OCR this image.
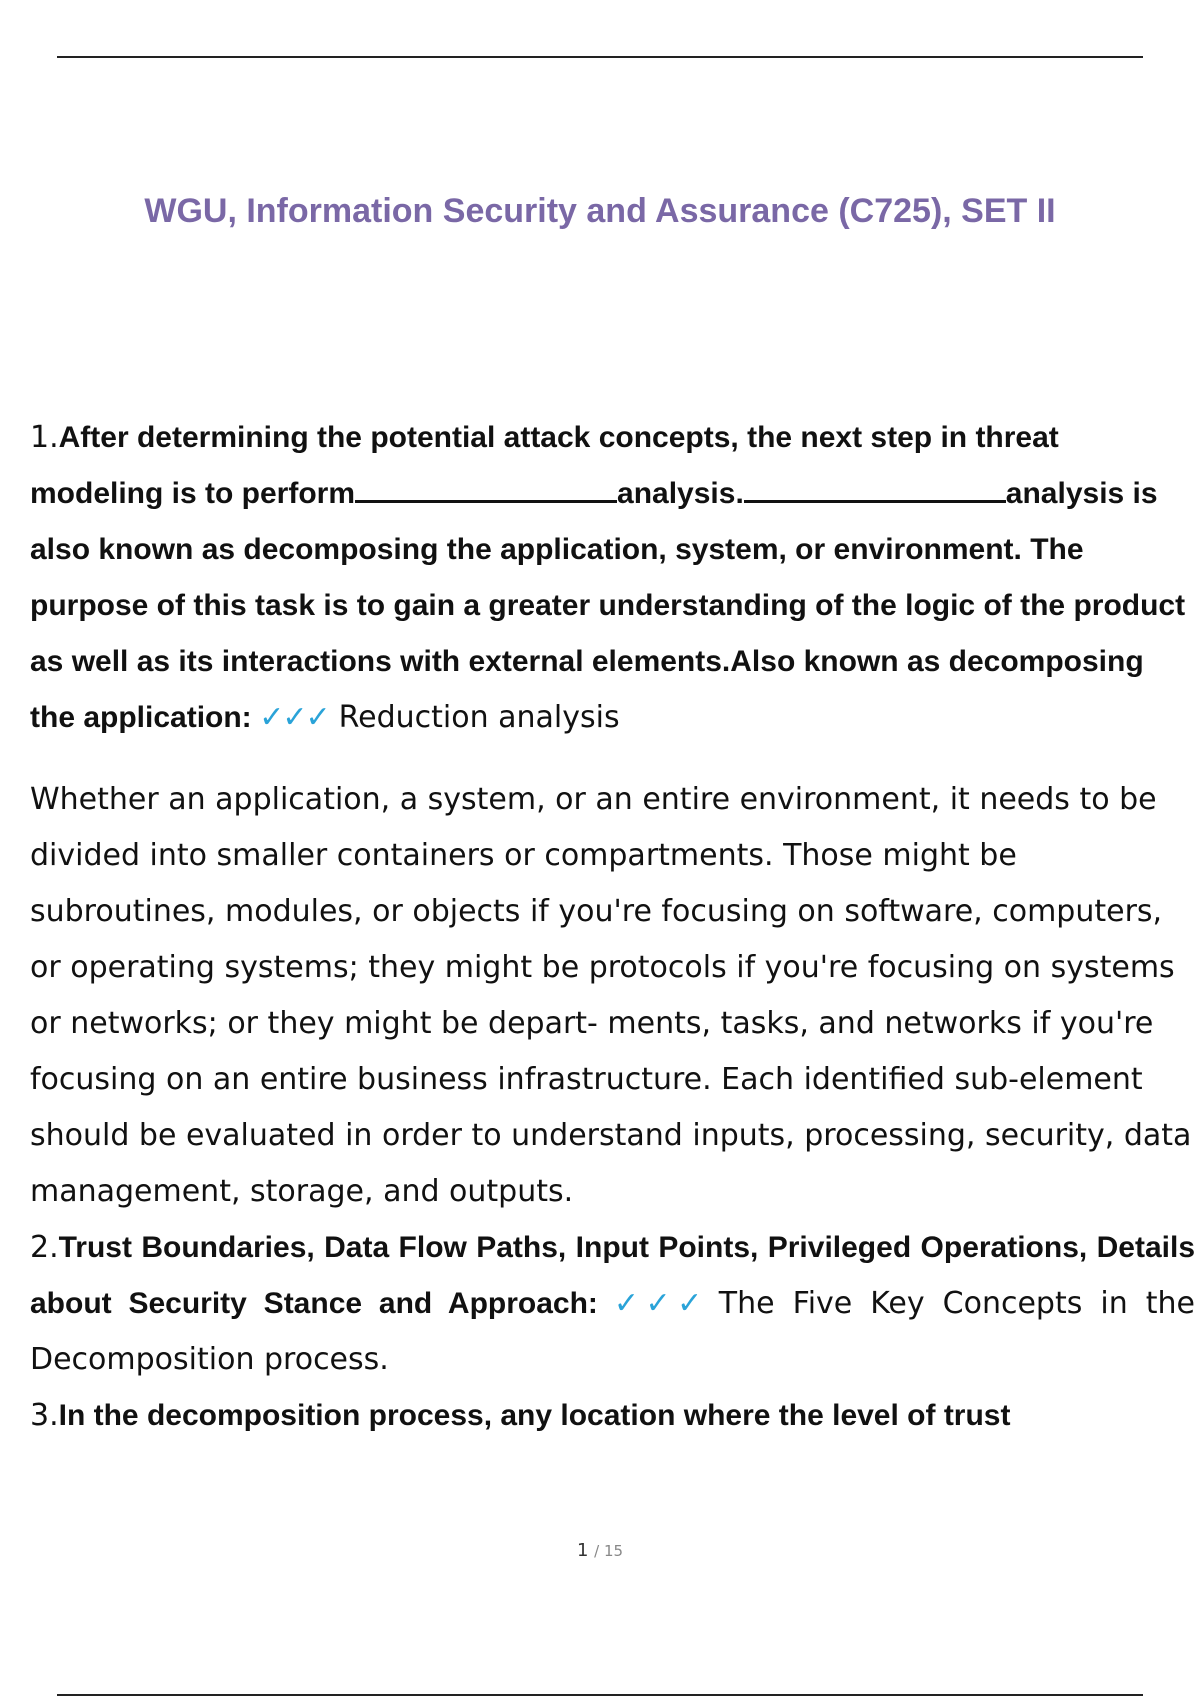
WGU, Information Security and Assurance (C725), SET II

1.After determining the potential attack concepts, the next step in threat modeling is to perform	analysis.	analysis is also known as decomposing the application, system, or environment. The purpose of this task is to gain a greater understanding of the logic of the product as well as its interactions with external elements.Also known as decomposing the application: ✓✓✓ Reduction analysis

Whether an application, a system, or an entire environment, it needs to be divided into smaller containers or compartments. Those might be subroutines, modules, or objects if you're focusing on software, computers, or operating systems; they might be protocols if you're focusing on systems or networks; or they might be depart- ments, tasks, and networks if you're focusing on an entire business infrastructure. Each identified sub-element should be evaluated in order to understand inputs, processing, security, data management, storage, and outputs.

2.Trust Boundaries, Data Flow Paths, Input Points, Privileged Operations, Details about Security Stance and Approach: ✓✓✓ The Five Key Concepts in the Decomposition process.

3.In the decomposition process, any location where the level of trust

1 / 15
